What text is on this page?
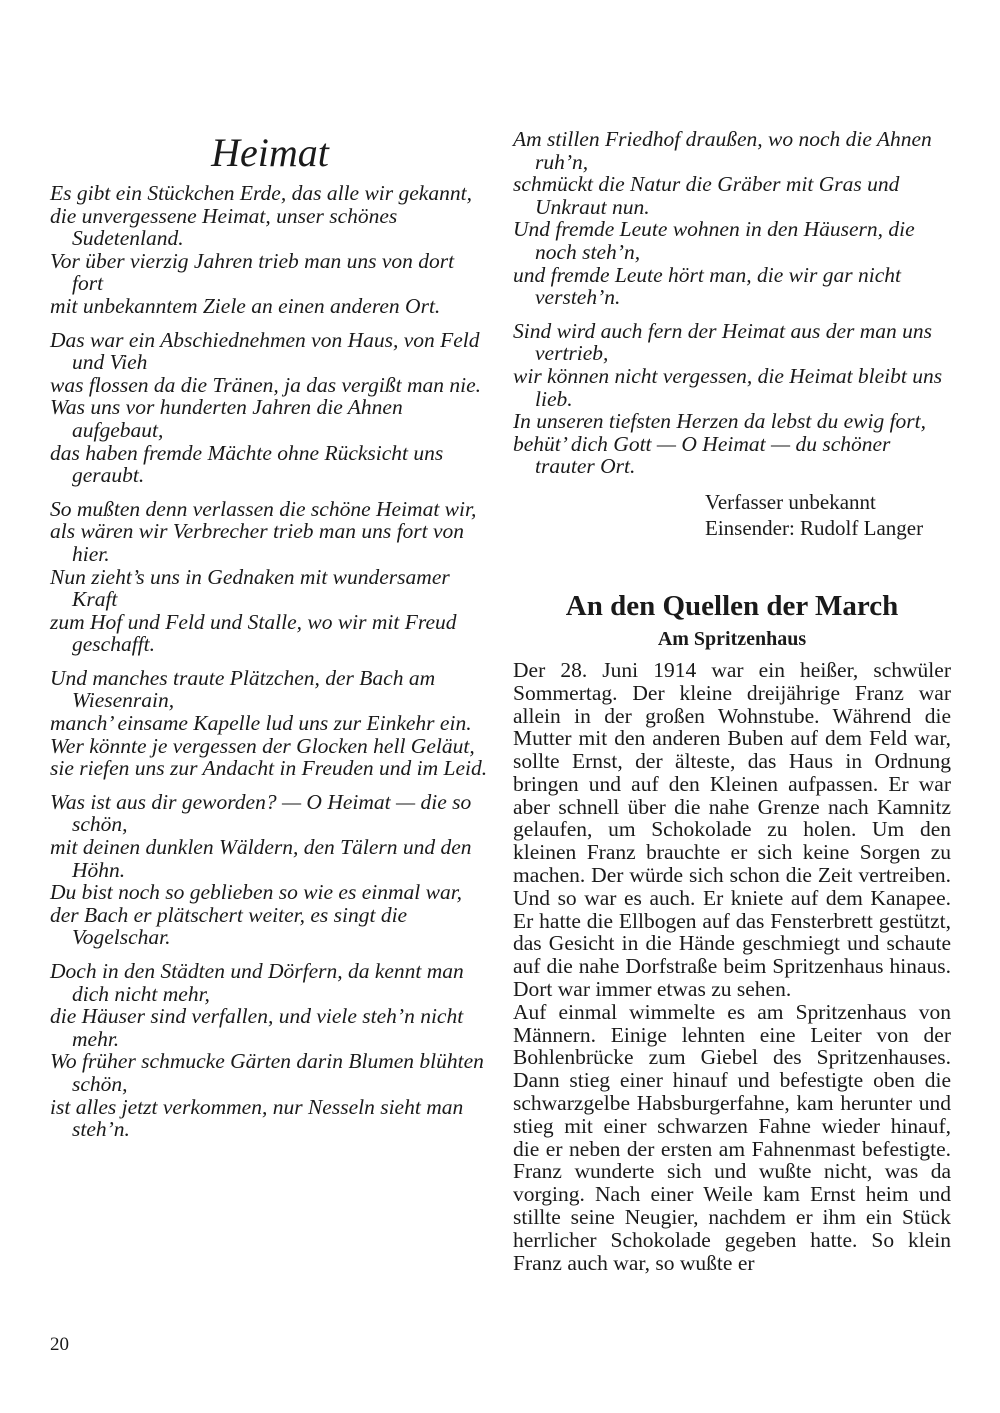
Heimat
Es gibt ein Stückchen Erde, das alle wir gekannt,
die unvergessene Heimat, unser schönes Sudetenland.
Vor über vierzig Jahren trieb man uns von dort fort
mit unbekanntem Ziele an einen anderen Ort.
Das war ein Abschiednehmen von Haus, von Feld und Vieh
was flossen da die Tränen, ja das vergißt man nie.
Was uns vor hunderten Jahren die Ahnen aufgebaut,
das haben fremde Mächte ohne Rücksicht uns geraubt.
So mußten denn verlassen die schöne Heimat wir,
als wären wir Verbrecher trieb man uns fort von hier.
Nun zieht’s uns in Gednaken mit wundersamer Kraft
zum Hof und Feld und Stalle, wo wir mit Freud geschafft.
Und manches traute Plätzchen, der Bach am Wiesenrain,
manch’ einsame Kapelle lud uns zur Einkehr ein.
Wer könnte je vergessen der Glocken hell Geläut,
sie riefen uns zur Andacht in Freuden und im Leid.
Was ist aus dir geworden? — O Heimat — die so schön,
mit deinen dunklen Wäldern, den Tälern und den Höhn.
Du bist noch so geblieben so wie es einmal war,
der Bach er plätschert weiter, es singt die Vogelschar.
Doch in den Städten und Dörfern, da kennt man dich nicht mehr,
die Häuser sind verfallen, und viele steh’n nicht mehr.
Wo früher schmucke Gärten darin Blumen blühten schön,
ist alles jetzt verkommen, nur Nesseln sieht man steh’n.
Am stillen Friedhof draußen, wo noch die Ahnen ruh’n,
schmückt die Natur die Gräber mit Gras und Unkraut nun.
Und fremde Leute wohnen in den Häusern, die noch steh’n,
und fremde Leute hört man, die wir gar nicht versteh’n.
Sind wird auch fern der Heimat aus der man uns vertrieb,
wir können nicht vergessen, die Heimat bleibt uns lieb.
In unseren tiefsten Herzen da lebst du ewig fort,
behüt’ dich Gott — O Heimat — du schöner trauter Ort.
Verfasser unbekannt
Einsender: Rudolf Langer
An den Quellen der March
Am Spritzenhaus

Der 28. Juni 1914 war ein heißer, schwüler Sommertag. Der kleine dreijährige Franz war allein in der großen Wohnstube. Während die Mutter mit den anderen Buben auf dem Feld war, sollte Ernst, der älteste, das Haus in Ordnung bringen und auf den Kleinen aufpassen. Er war aber schnell über die nahe Grenze nach Kamnitz gelaufen, um Schokolade zu holen. Um den kleinen Franz brauchte er sich keine Sorgen zu machen. Der würde sich schon die Zeit vertreiben. Und so war es auch. Er kniete auf dem Kanapee. Er hatte die Ellbogen auf das Fensterbrett gestützt, das Gesicht in die Hände geschmiegt und schaute auf die nahe Dorfstraße beim Spritzenhaus hinaus. Dort war immer etwas zu sehen.

Auf einmal wimmelte es am Spritzenhaus von Männern. Einige lehnten eine Leiter von der Bohlenbrücke zum Giebel des Spritzenhauses. Dann stieg einer hinauf und befestigte oben die schwarzgelbe Habsburgerfahne, kam herunter und stieg mit einer schwarzen Fahne wieder hinauf, die er neben der ersten am Fahnenmast befestigte. Franz wunderte sich und wußte nicht, was da vorging. Nach einer Weile kam Ernst heim und stillte seine Neugier, nachdem er ihm ein Stück herrlicher Schokolade gegeben hatte. So klein Franz auch war, so wußte er

20
